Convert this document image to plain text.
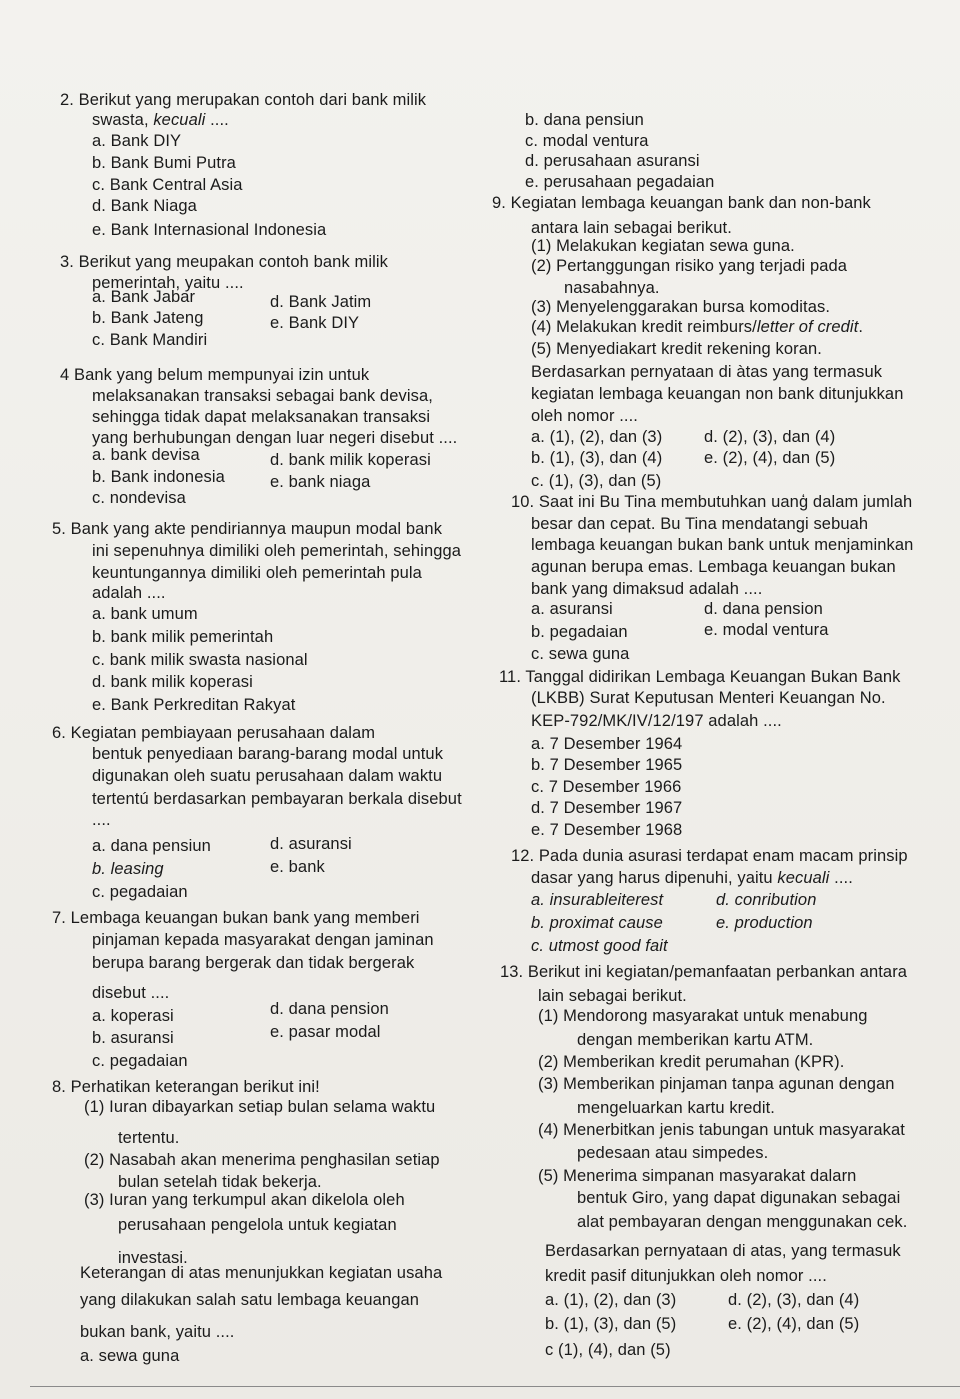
2. Berikut yang merupakan contoh dari bank milik
swasta, kecuali ....
a. Bank DIY
b. Bank Bumi Putra
c. Bank Central Asia
d. Bank Niaga
e. Bank Internasional Indonesia
3. Berikut yang meupakan contoh bank milik
pemerintah, yaitu ....
a. Bank Jabar	d. Bank Jatim
b. Bank Jateng	e. Bank DIY
c. Bank Mandiri
4 Bank yang belum mempunyai izin untuk
melaksanakan transaksi sebagai bank devisa,
sehingga tidak dapat melaksanakan transaksi
yang berhubungan dengan luar negeri disebut ....
a. bank devisa	d. bank milik koperasi
b. Bank indonesia	e. bank niaga
c. nondevisa
5. Bank yang akte pendiriannya maupun modal bank
ini sepenuhnya dimiliki oleh pemerintah, sehingga
keuntungannya dimiliki oleh pemerintah pula
adalah ....
a. bank umum
b. bank milik pemerintah
c. bank milik swasta nasional
d. bank milik koperasi
e. Bank Perkreditan Rakyat
6. Kegiatan pembiayaan perusahaan dalam
bentuk penyediaan barang-barang modal untuk
digunakan oleh suatu perusahaan dalam waktu
tertentú berdasarkan pembayaran berkala disebut
....
a. dana pensiun	d. asuransi
b. leasing	e. bank
c. pegadaian
7. Lembaga keuangan bukan bank yang memberi
pinjaman kepada masyarakat dengan jaminan
berupa barang bergerak dan tidak bergerak
disebut ....
a. koperasi	d. dana pension
b. asuransi	e. pasar modal
c. pegadaian
8. Perhatikan keterangan berikut ini!
(1) Iuran dibayarkan setiap bulan selama waktu
tertentu.
(2) Nasabah akan menerima penghasilan setiap
bulan setelah tidak bekerja.
(3) Iuran yang terkumpul akan dikelola oleh
perusahaan pengelola untuk kegiatan
investasi.
Keterangan di atas menunjukkan kegiatan usaha
yang dilakukan salah satu lembaga keuangan
bukan bank, yaitu ....
a. sewa guna
b. dana pensiun
c. modal ventura
d. perusahaan asuransi
e. perusahaan pegadaian
9. Kegiatan lembaga keuangan bank dan non-bank
antara lain sebagai berikut.
(1) Melakukan kegiatan sewa guna.
(2) Pertanggungan risiko yang terjadi pada
nasabahnya.
(3) Menyelenggarakan bursa komoditas.
(4) Melakukan kredit reimburs/letter of credit.
(5) Menyediakart kredit rekening koran.
Berdasarkan pernyataan di àtas yang termasuk
kegiatan lembaga keuangan non bank ditunjukkan
oleh nomor ....
a. (1), (2), dan (3)	d. (2), (3), dan (4)
b. (1), (3), dan (4)	e. (2), (4), dan (5)
c. (1), (3), dan (5)
10. Saat ini Bu Tina membutuhkan uanģ dalam jumlah
besar dan cepat. Bu Tina mendatangi sebuah
lembaga keuangan bukan bank untuk menjaminkan
agunan berupa emas. Lembaga keuangan bukan
bank yang dimaksud adalah ....
a. asuransi	d. dana pension
b. pegadaian	e. modal ventura
c. sewa guna
11. Tanggal didirikan Lembaga Keuangan Bukan Bank
(LKBB) Surat Keputusan Menteri Keuangan No.
KEP-792/MK/IV/12/197 adalah ....
a. 7 Desember 1964
b. 7 Desember 1965
c. 7 Desember 1966
d. 7 Desember 1967
e. 7 Desember 1968
12. Pada dunia asurasi terdapat enam macam prinsip
dasar yang harus dipenuhi, yaitu kecuali ....
a. insurableiterest	d. conribution
b. proximat cause	e. production
c. utmost good fait
13. Berikut ini kegiatan/pemanfaatan perbankan antara
lain sebagai berikut.
(1) Mendorong masyarakat untuk menabung
dengan memberikan kartu ATM.
(2) Memberikan kredit perumahan (KPR).
(3) Memberikan pinjaman tanpa agunan dengan
mengeluarkan kartu kredit.
(4) Menerbitkan jenis tabungan untuk masyarakat
pedesaan atau simpedes.
(5) Menerima simpanan masyarakat dalarn
bentuk Giro, yang dapat digunakan sebagai
alat pembayaran dengan menggunakan cek.
Berdasarkan pernyataan di atas, yang termasuk
kredit pasif ditunjukkan oleh nomor ....
a. (1), (2), dan (3)	d. (2), (3), dan (4)
b. (1), (3), dan (5)	e. (2), (4), dan (5)
c (1), (4), dan (5)
